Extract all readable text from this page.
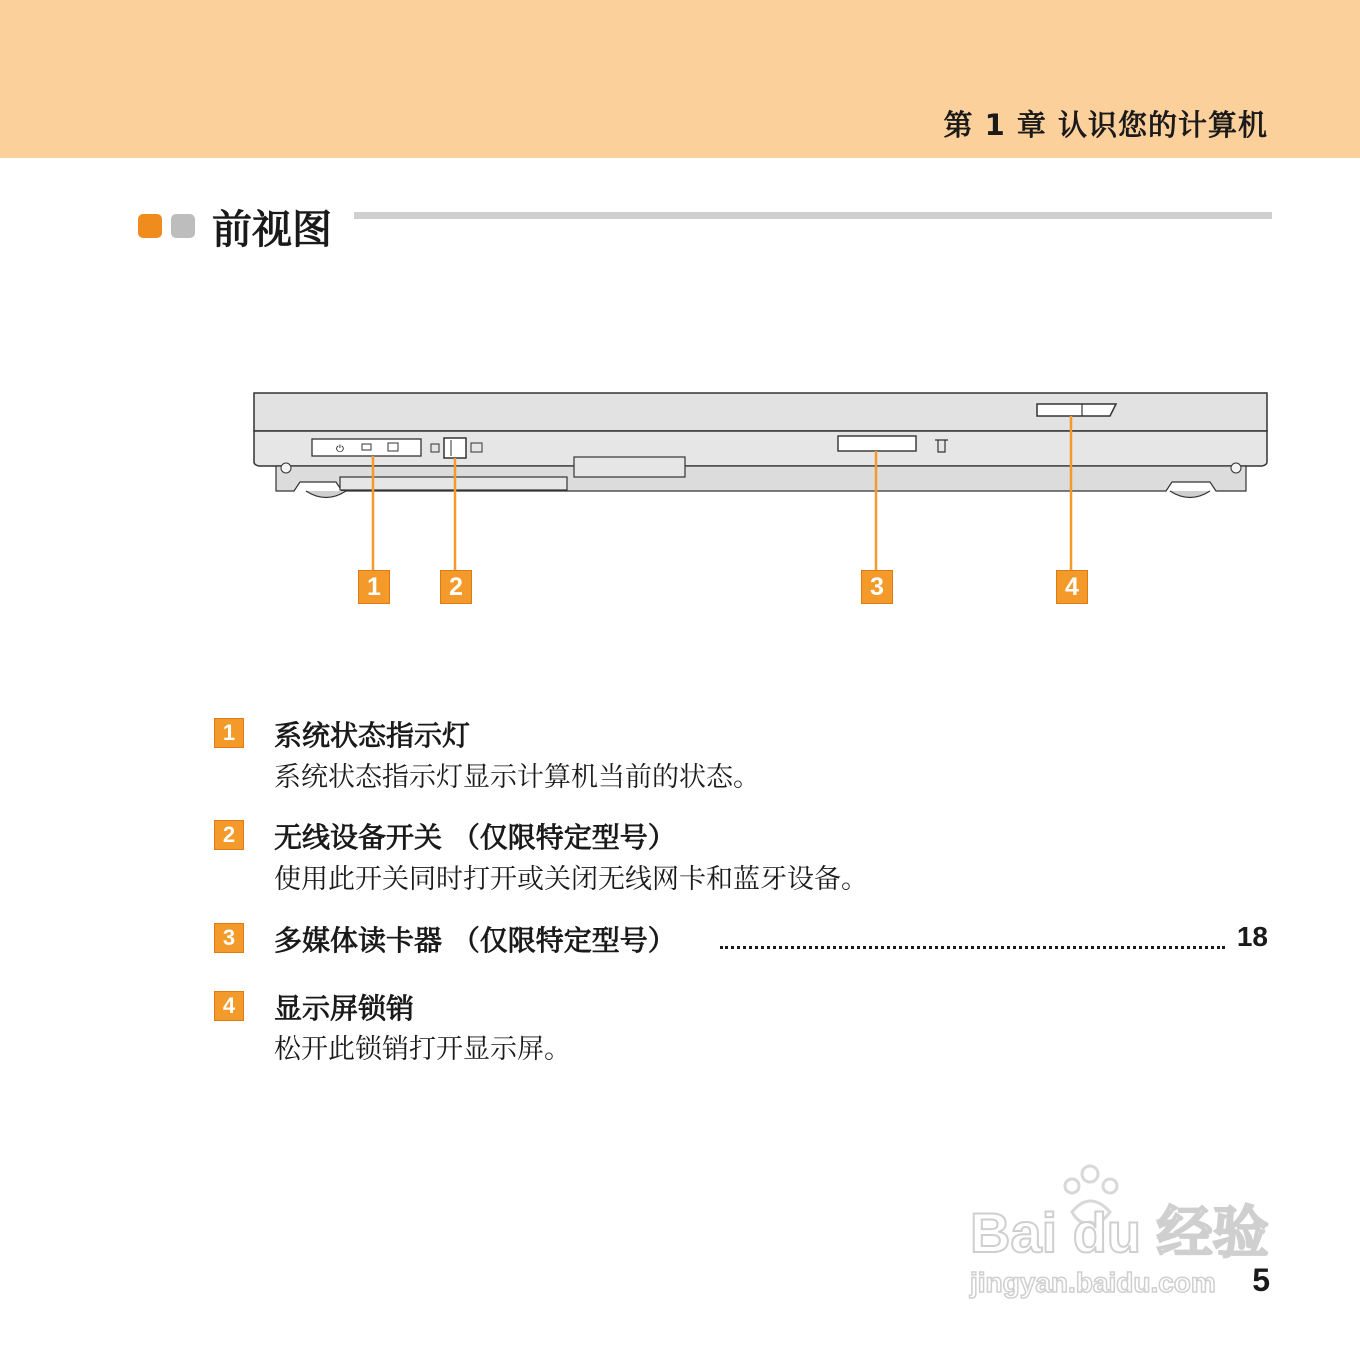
第 1 章 认识您的计算机
前视图
⏻
1	2	3	4
1	系统状态指示灯
系统状态指示灯显示计算机当前的状态。
2	无线设备开关 （仅限特定型号）
使用此开关同时打开或关闭无线网卡和蓝牙设备。
3	多媒体读卡器 （仅限特定型号）	18
4	显示屏锁销
松开此锁销打开显示屏。
Bai du 经验
jingyan.baidu.com 5
